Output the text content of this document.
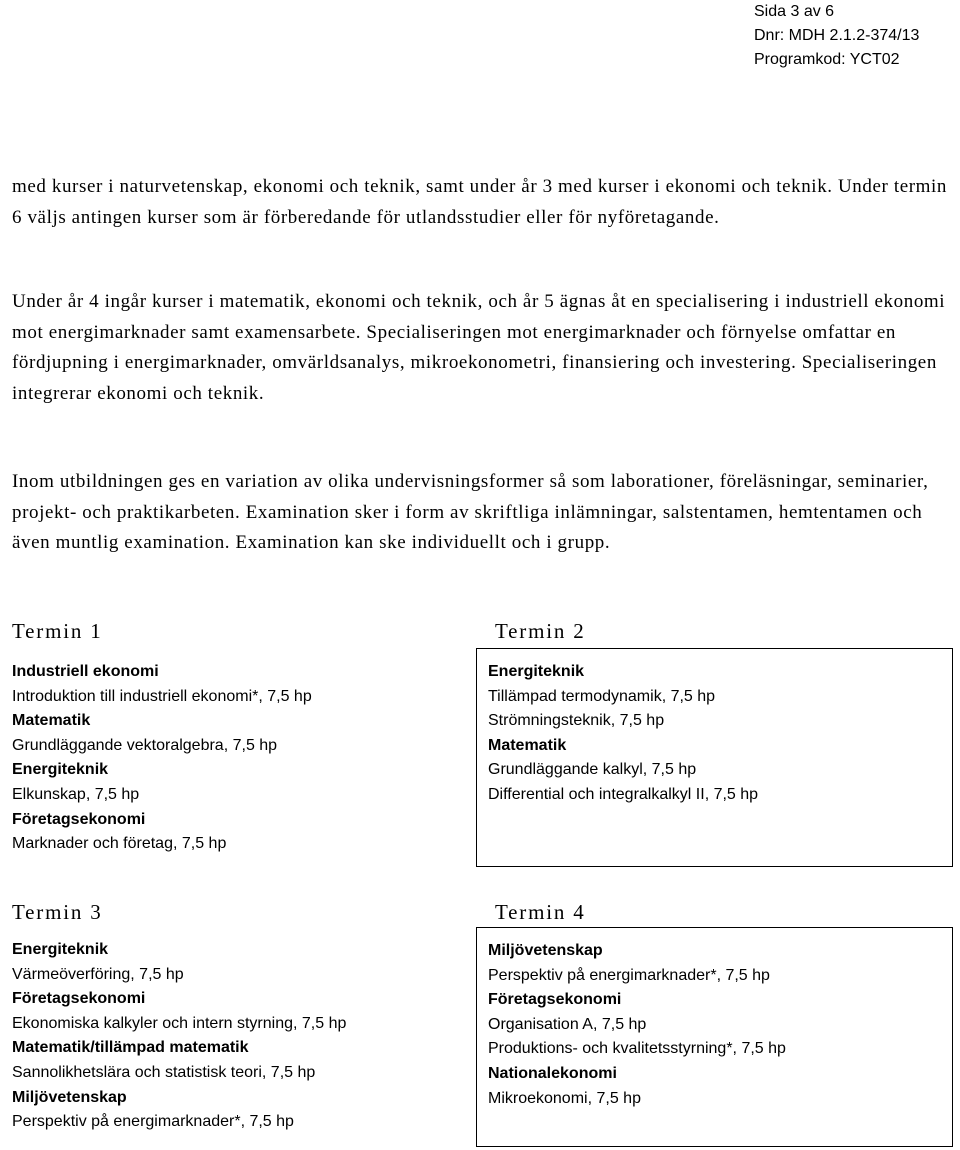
Sida 3 av 6
Dnr: MDH 2.1.2-374/13
Programkod: YCT02

med kurser i naturvetenskap, ekonomi och teknik, samt under år 3 med kurser i ekonomi och teknik. Under termin 6 väljs antingen kurser som är förberedande för utlandsstudier eller för nyföretagande.

Under år 4 ingår kurser i matematik, ekonomi och teknik, och år 5 ägnas åt en specialisering i industriell ekonomi mot energimarknader samt examensarbete. Specialiseringen mot energimarknader och förnyelse omfattar en fördjupning i energimarknader, omvärldsanalys, mikroekonometri, finansiering och investering. Specialiseringen integrerar ekonomi och teknik.

Inom utbildningen ges en variation av olika undervisningsformer så som laborationer, föreläsningar, seminarier, projekt- och praktikarbeten. Examination sker i form av skriftliga inlämningar, salstentamen, hemtentamen och även muntlig examination. Examination kan ske individuellt och i grupp.

Termin 1
Industriell ekonomi
Introduktion till industriell ekonomi*, 7,5 hp
Matematik
Grundläggande vektoralgebra, 7,5 hp
Energiteknik
Elkunskap, 7,5 hp
Företagsekonomi
Marknader och företag, 7,5 hp
Termin 2
Energiteknik
Tillämpad termodynamik, 7,5 hp
Strömningsteknik, 7,5 hp
Matematik
Grundläggande kalkyl, 7,5 hp
Differential och integralkalkyl II, 7,5 hp
Termin 3
Energiteknik
Värmeöverföring, 7,5 hp
Företagsekonomi
Ekonomiska kalkyler och intern styrning, 7,5 hp
Matematik/tillämpad matematik
Sannolikhetslära och statistisk teori, 7,5 hp
Miljövetenskap
Perspektiv på energimarknader*, 7,5 hp
Termin 4
Miljövetenskap
Perspektiv på energimarknader*, 7,5 hp
Företagsekonomi
Organisation A, 7,5 hp
Produktions- och kvalitetsstyrning*, 7,5 hp
Nationalekonomi
Mikroekonomi, 7,5 hp
